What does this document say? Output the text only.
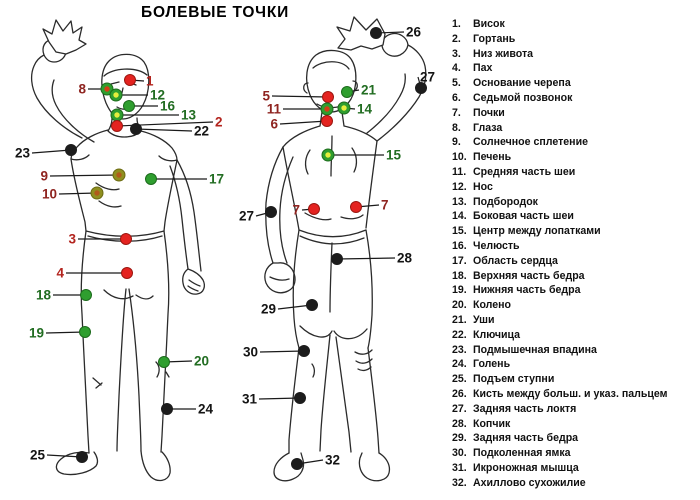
БОЛЕВЫЕ ТОЧКИ
1
8	12
16
13 2
22
23
9	17
10
3
4
18
19
20
24
25
26
27
5	21
11	14
6
15
27	7	7
28
29
30
31
32
1.	Висок
2.	Гортань
3.	Низ живота
4.	Пах
5.	Основание черепа
6.	Седьмой позвонок
7.	Почки
8.	Глаза
9.	Солнечное сплетение
10. Печень
11. Средняя часть шеи
12. Нос
13. Подбородок
14. Боковая часть шеи
15. Центр между лопатками
16. Челюсть
17. Область сердца
18. Верхняя часть бедра
19. Нижняя часть бедра
20. Колено
21. Уши
22. Ключица
23. Подмышечная впадина
24. Голень
25. Подъем ступни
26. Кисть между больш. и указ. пальцем
27. Задняя часть локтя
28. Копчик
29. Задняя часть бедра
30. Подколенная ямка
31. Икроножная мышца
32. Ахиллово сухожилие
